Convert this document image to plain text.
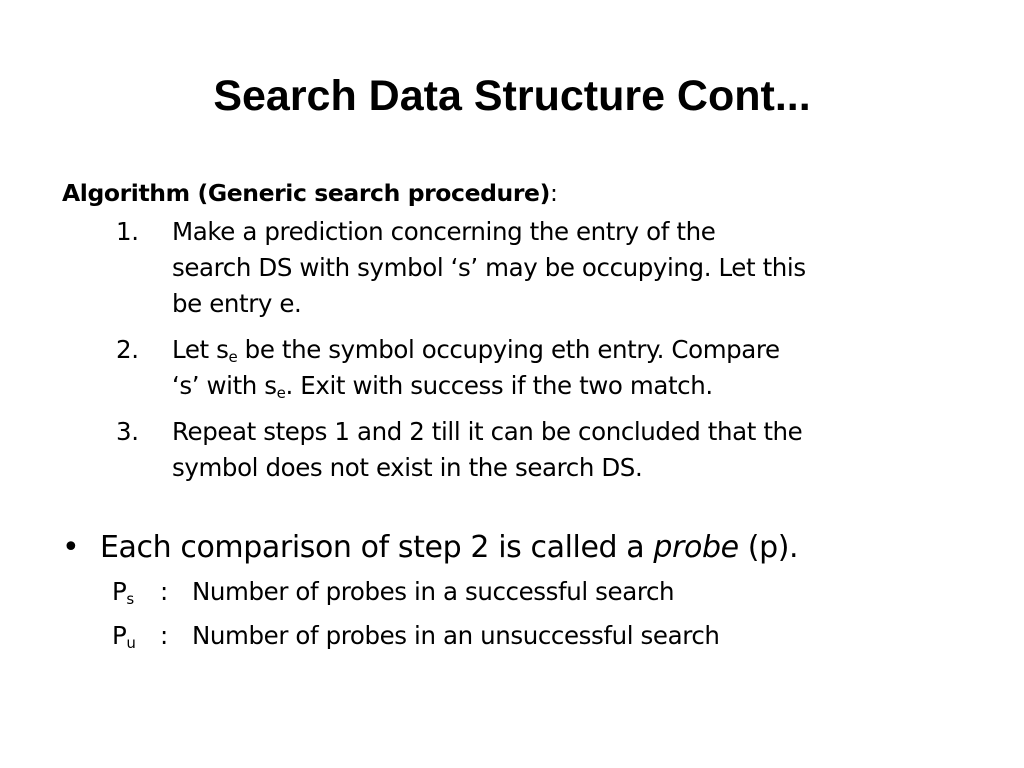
Search Data Structure Cont...
Algorithm (Generic search procedure):
1. Make a prediction concerning the entry of the
search DS with symbol ‘s’ may be occupying. Let this
be entry e.
2. Let $s_e$ be the symbol occupying eth entry. Compare
‘s’ with $s_e$. Exit with success if the two match.
3. Repeat steps 1 and 2 till it can be concluded that the
symbol does not exist in the search DS.
• Each comparison of step 2 is called a probe (p).
$P_s$ : Number of probes in a successful search
$P_u$ : Number of probes in an unsuccessful search
